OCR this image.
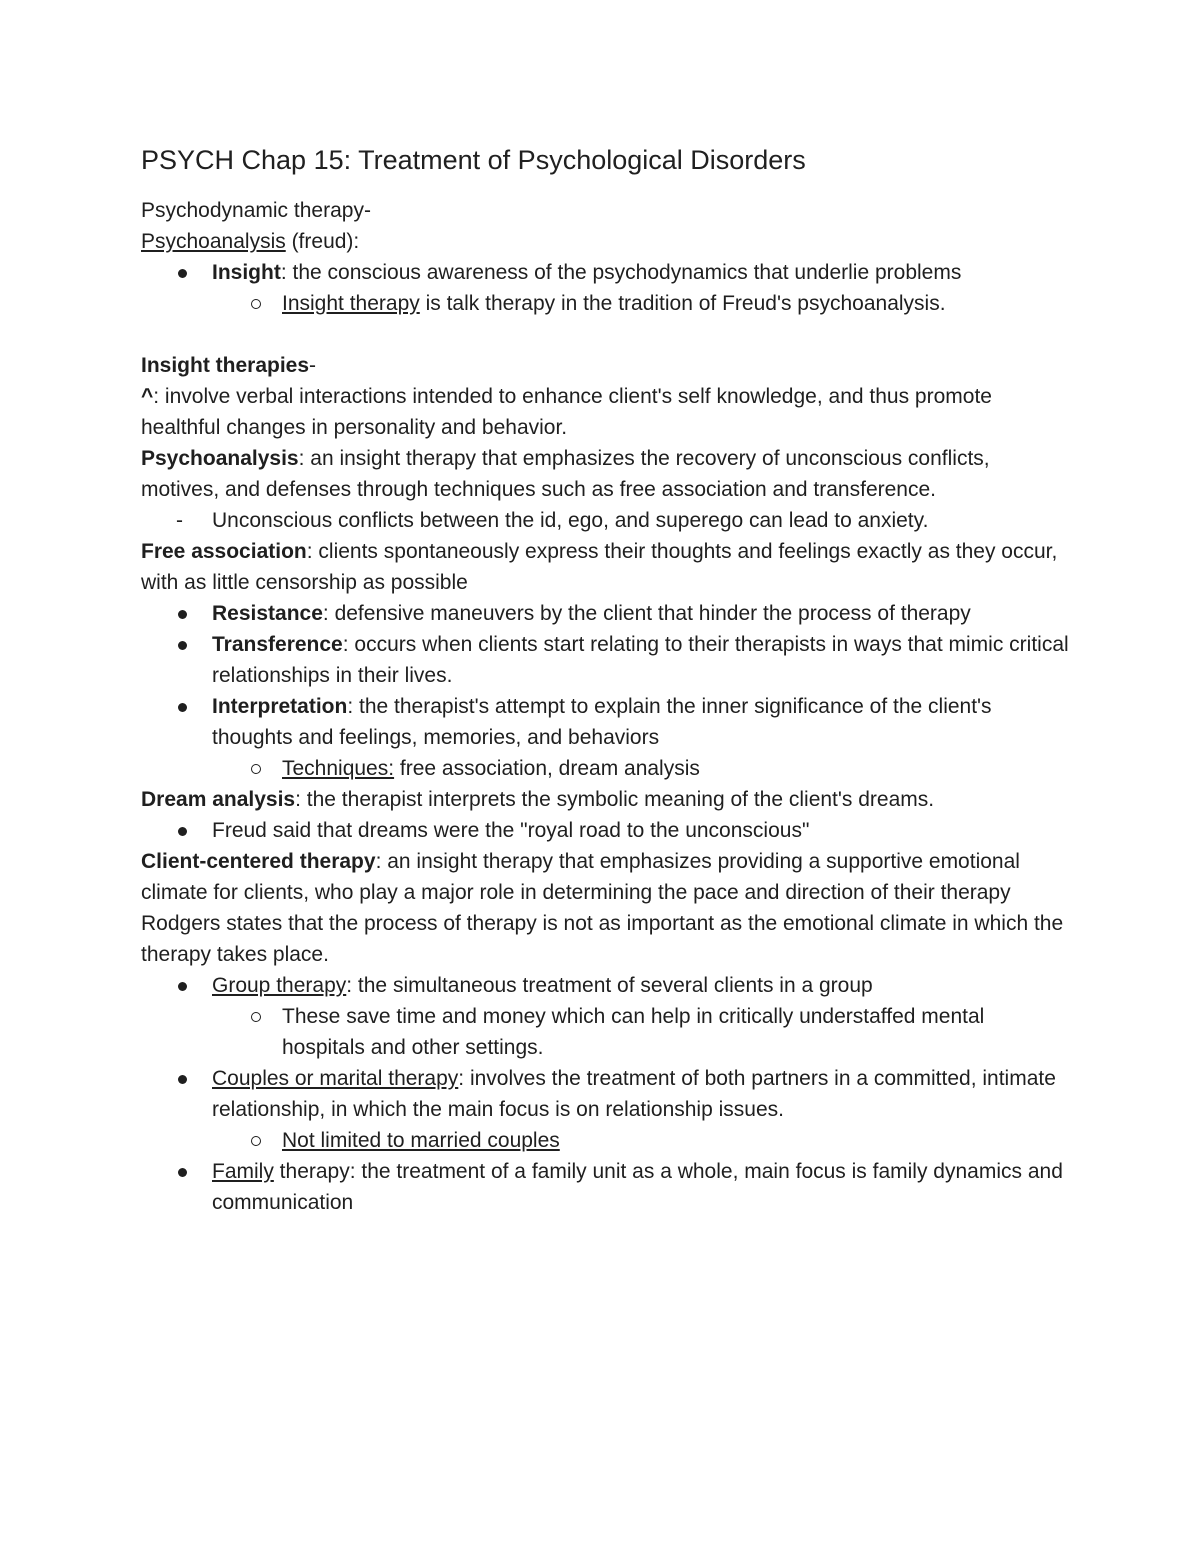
PSYCH Chap 15: Treatment of Psychological Disorders

Psychodynamic therapy-

Psychoanalysis (freud):

Insight: the conscious awareness of the psychodynamics that underlie problems
Insight therapy is talk therapy in the tradition of Freud's psychoanalysis.

Insight therapies-

^: involve verbal interactions intended to enhance client's self knowledge, and thus promote healthful changes in personality and behavior.

Psychoanalysis: an insight therapy that emphasizes the recovery of unconscious conflicts, motives, and defenses through techniques such as free association and transference.

- Unconscious conflicts between the id, ego, and superego can lead to anxiety.

Free association: clients spontaneously express their thoughts and feelings exactly as they occur, with as little censorship as possible

Resistance: defensive maneuvers by the client that hinder the process of therapy
Transference: occurs when clients start relating to their therapists in ways that mimic critical relationships in their lives.
Interpretation: the therapist's attempt to explain the inner significance of the client's thoughts and feelings, memories, and behaviors
Techniques: free association, dream analysis

Dream analysis: the therapist interprets the symbolic meaning of the client's dreams.

Freud said that dreams were the "royal road to the unconscious"

Client-centered therapy: an insight therapy that emphasizes providing a supportive emotional climate for clients, who play a major role in determining the pace and direction of their therapy

Rodgers states that the process of therapy is not as important as the emotional climate in which the therapy takes place.

Group therapy: the simultaneous treatment of several clients in a group
These save time and money which can help in critically understaffed mental hospitals and other settings.
Couples or marital therapy: involves the treatment of both partners in a committed, intimate relationship, in which the main focus is on relationship issues.
Not limited to married couples
Family therapy: the treatment of a family unit as a whole, main focus is family dynamics and communication
